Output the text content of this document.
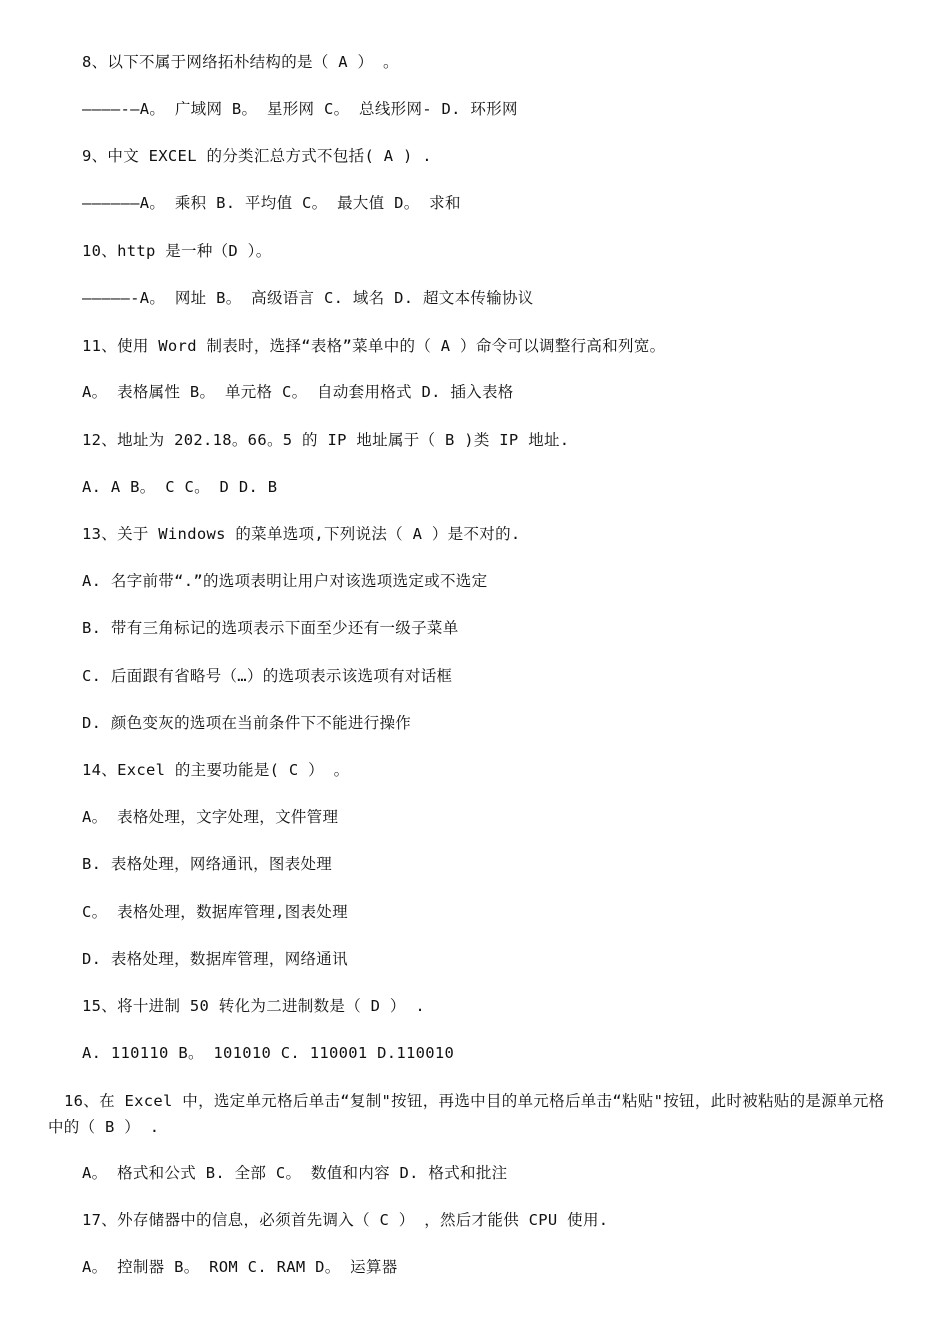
8、以下不属于网络拓朴结构的是（ A ） 。
————-—A。 广域网 B。 星形网 C。 总线形网- D. 环形网
9、中文 EXCEL 的分类汇总方式不包括( A ) .
——————A。 乘积 B. 平均值 C。 最大值 D。 求和
10、http 是一种（D ）。
—————-A。 网址 B。 高级语言 C. 域名 D. 超文本传输协议
11、使用 Word 制表时，选择“表格”菜单中的（ A ）命令可以调整行高和列宽。
A。 表格属性 B。 单元格 C。 自动套用格式 D. 插入表格
12、地址为 202.18。66。5 的 IP 地址属于（ B )类 IP 地址.
A. A B。 C C。 D D. B
13、关于 Windows 的菜单选项,下列说法（ A ）是不对的.
A. 名字前带“.”的选项表明让用户对该选项选定或不选定
B. 带有三角标记的选项表示下面至少还有一级子菜单
C. 后面跟有省略号（…）的选项表示该选项有对话框
D. 颜色变灰的选项在当前条件下不能进行操作
14、Excel 的主要功能是( C ） 。
A。 表格处理，文字处理，文件管理
B. 表格处理，网络通讯，图表处理
C。 表格处理，数据库管理,图表处理
D. 表格处理，数据库管理，网络通讯
15、将十进制 50 转化为二进制数是（ D ） .
A. 110110 B。 101010 C. 110001 D.110010
16、在 Excel 中，选定单元格后单击“复制"按钮，再选中目的单元格后单击“粘贴"按钮，此时被粘贴的是源单元格 中的（ B ） .
A。 格式和公式 B. 全部 C。 数值和内容 D. 格式和批注
17、外存储器中的信息，必须首先调入（ C ） ，然后才能供 CPU 使用.
A。 控制器 B。 ROM C. RAM D。 运算器
